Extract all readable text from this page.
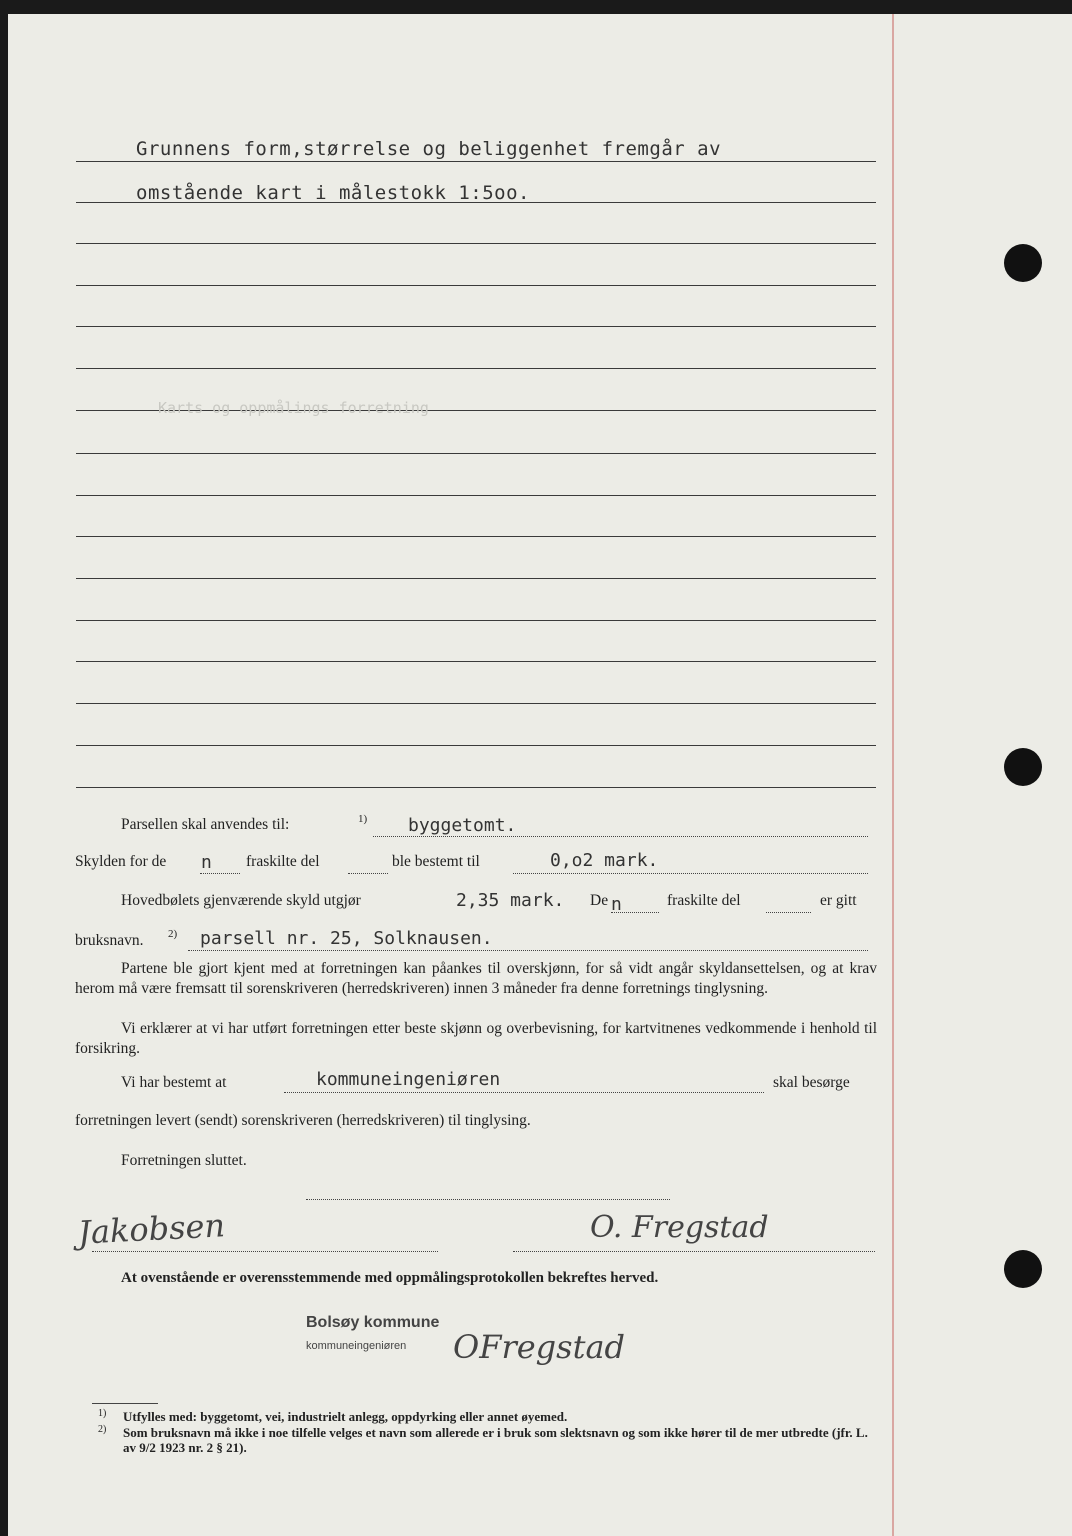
Karts og oppmålings forretning
Grunnens form,størrelse og beliggenhet fremgår av
omstående kart i målestokk 1:5oo.
Parsellen skal anvendes til:	1) byggetomt.
Skylden for de n fraskilte del	ble bestemt til	0,o2 mark.
Hovedbølets gjenværende skyld utgjør	2,35 mark. De n	fraskilte del	er gitt
bruksnavn. 2) parsell nr. 25, Solknausen.
Partene ble gjort kjent med at forretningen kan påankes til overskjønn, for så vidt angår skyldansettelsen, og at krav herom må være fremsatt til sorenskriveren (herredskriveren) innen 3 måneder fra denne forretnings tinglysning.
Vi erklærer at vi har utført forretningen etter beste skjønn og overbevisning, for kartvitnenes vedkommende i henhold til forsikring.
Vi har bestemt at	kommuneingeniøren	skal besørge
forretningen levert (sendt) sorenskriveren (herredskriveren) til tinglysing.
Forretningen sluttet.
Jakobsen	O. Fregstad
At ovenstående er overensstemmende med oppmålingsprotokollen bekreftes herved.
Bolsøy kommune
kommuneingeniøren OFregstad
1) Utfylles med: byggetomt, vei, industrielt anlegg, oppdyrking eller annet øyemed.
2) Som bruksnavn må ikke i noe tilfelle velges et navn som allerede er i bruk som slektsnavn og som ikke hører til de mer utbredte (jfr. L. av 9/2 1923 nr. 2 § 21).
